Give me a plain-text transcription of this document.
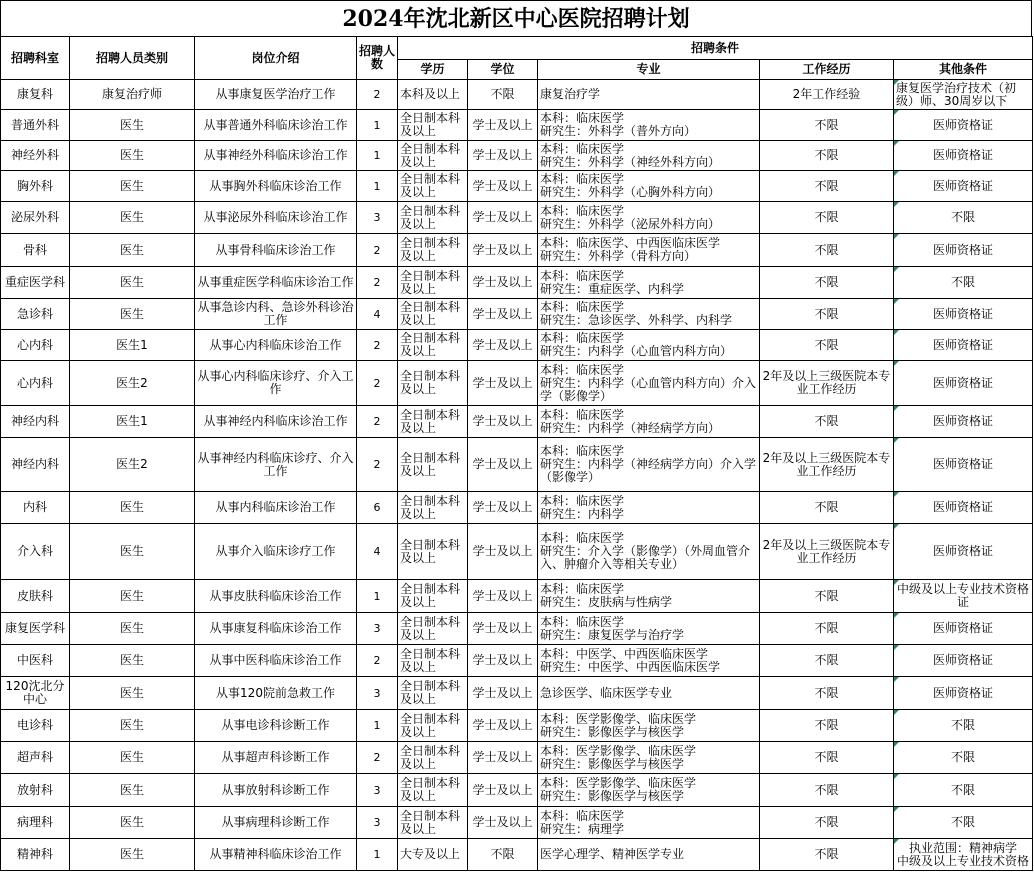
2024年沈北新区中心医院招聘计划
招聘科室	招聘人员类别	岗位介绍	招聘人数	招聘条件				
				学历	学位	专业	工作经历	其他条件
康复科	康复治疗师	从事康复医学治疗工作	2	本科及以上	不限	康复治疗学	2年工作经验	康复医学治疗技术（初级）师、30周岁以下
普通外科	医生	从事普通外科临床诊治工作	1	全日制本科及以上	学士及以上	本科：临床医学
研究生：外科学（普外方向）	不限	医师资格证
神经外科	医生	从事神经外科临床诊治工作	1	全日制本科及以上	学士及以上	本科：临床医学
研究生：外科学（神经外科方向）	不限	医师资格证
胸外科	医生	从事胸外科临床诊治工作	1	全日制本科及以上	学士及以上	本科：临床医学
研究生：外科学（心胸外科方向）	不限	医师资格证
泌尿外科	医生	从事泌尿外科临床诊治工作	3	全日制本科及以上	学士及以上	本科：临床医学
研究生：外科学（泌尿外科方向）	不限	不限
骨科	医生	从事骨科临床诊治工作	2	全日制本科及以上	学士及以上	本科：临床医学、中西医临床医学
研究生：外科学（骨科方向）	不限	医师资格证
重症医学科	医生	从事重症医学科临床诊治工作	2	全日制本科及以上	学士及以上	本科：临床医学
研究生：重症医学、内科学	不限	不限
急诊科	医生	从事急诊内科、急诊外科诊治工作	4	全日制本科及以上	学士及以上	本科：临床医学
研究生：急诊医学、外科学、内科学	不限	医师资格证
心内科	医生1	从事心内科临床诊治工作	2	全日制本科及以上	学士及以上	本科：临床医学
研究生：内科学（心血管内科方向）	不限	医师资格证
心内科	医生2	从事心内科临床诊疗、介入工作	2	全日制本科及以上	学士及以上	本科：临床医学
研究生：内科学（心血管内科方向）介入学（影像学）	2年及以上三级医院本专业工作经历	医师资格证
神经内科	医生1	从事神经内科临床诊治工作	2	全日制本科及以上	学士及以上	本科：临床医学
研究生：内科学（神经病学方向）	不限	医师资格证
神经内科	医生2	从事神经内科临床诊疗、介入工作	2	全日制本科及以上	学士及以上	本科：临床医学
研究生：内科学（神经病学方向）介入学（影像学）	2年及以上三级医院本专业工作经历	医师资格证
内科	医生	从事内科临床诊治工作	6	全日制本科及以上	学士及以上	本科：临床医学
研究生：内科学	不限	医师资格证
介入科	医生	从事介入临床诊疗工作	4	全日制本科及以上	学士及以上	本科：临床医学
研究生：介入学（影像学）（外周血管介入、肿瘤介入等相关专业）	2年及以上三级医院本专业工作经历	医师资格证
皮肤科	医生	从事皮肤科临床诊治工作	1	全日制本科及以上	学士及以上	本科：临床医学
研究生：皮肤病与性病学	不限	中级及以上专业技术资格证
康复医学科	医生	从事康复科临床诊治工作	3	全日制本科及以上	学士及以上	本科：临床医学
研究生：康复医学与治疗学	不限	医师资格证
中医科	医生	从事中医科临床诊治工作	2	全日制本科及以上	学士及以上	本科：中医学、中西医临床医学
研究生：中医学、中西医临床医学	不限	医师资格证
120沈北分中心	医生	从事120院前急救工作	3	全日制本科及以上	学士及以上	急诊医学、临床医学专业	不限	医师资格证
电诊科	医生	从事电诊科诊断工作	1	全日制本科及以上	学士及以上	本科：医学影像学、临床医学
研究生：影像医学与核医学	不限	不限
超声科	医生	从事超声科诊断工作	2	全日制本科及以上	学士及以上	本科：医学影像学、临床医学
研究生：影像医学与核医学	不限	不限
放射科	医生	从事放射科诊断工作	3	全日制本科及以上	学士及以上	本科：医学影像学、临床医学
研究生：影像医学与核医学	不限	不限
病理科	医生	从事病理科诊断工作	3	全日制本科及以上	学士及以上	本科：临床医学
研究生：病理学	不限	不限
精神科	医生	从事精神科临床诊治工作	1	大专及以上	不限	医学心理学、精神医学专业	不限	执业范围：精神病学
中级及以上专业技术资格
